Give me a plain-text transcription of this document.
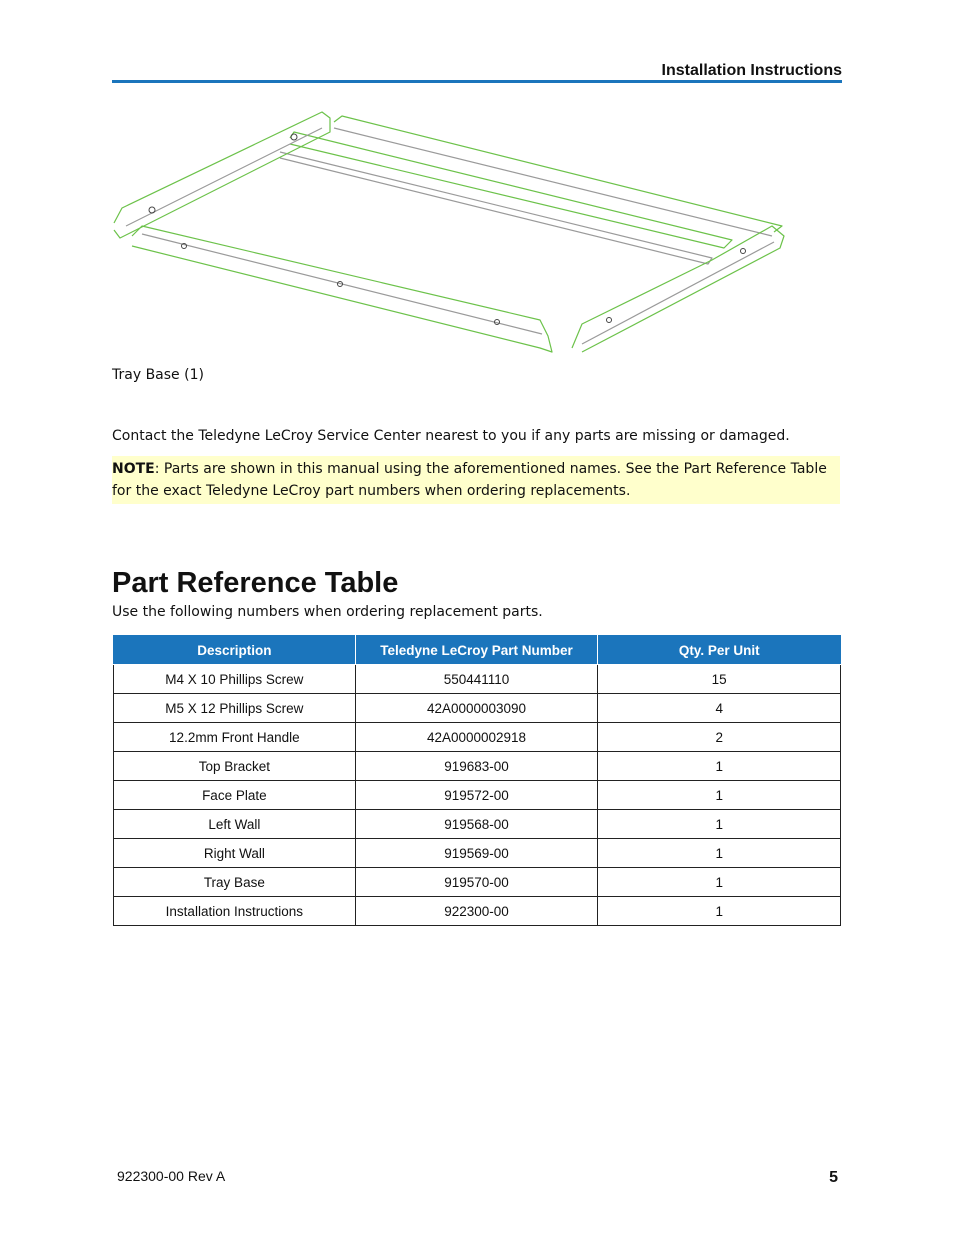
Installation Instructions
Tray Base (1)
Contact the Teledyne LeCroy Service Center nearest to you if any parts are missing or damaged.
NOTE: Parts are shown in this manual using the aforementioned names. See the Part Reference Table for the exact Teledyne LeCroy part numbers when ordering replacements.
Part Reference Table
Use the following numbers when ordering replacement parts.
Description	Teledyne LeCroy Part Number	Qty. Per Unit
M4 X 10 Phillips Screw	550441110	15
M5 X 12 Phillips Screw	42A0000003090	4
12.2mm Front Handle	42A0000002918	2
Top Bracket	919683-00	1
Face Plate	919572-00	1
Left Wall	919568-00	1
Right Wall	919569-00	1
Tray Base	919570-00	1
Installation Instructions	922300-00	1
922300-00 Rev A	5
